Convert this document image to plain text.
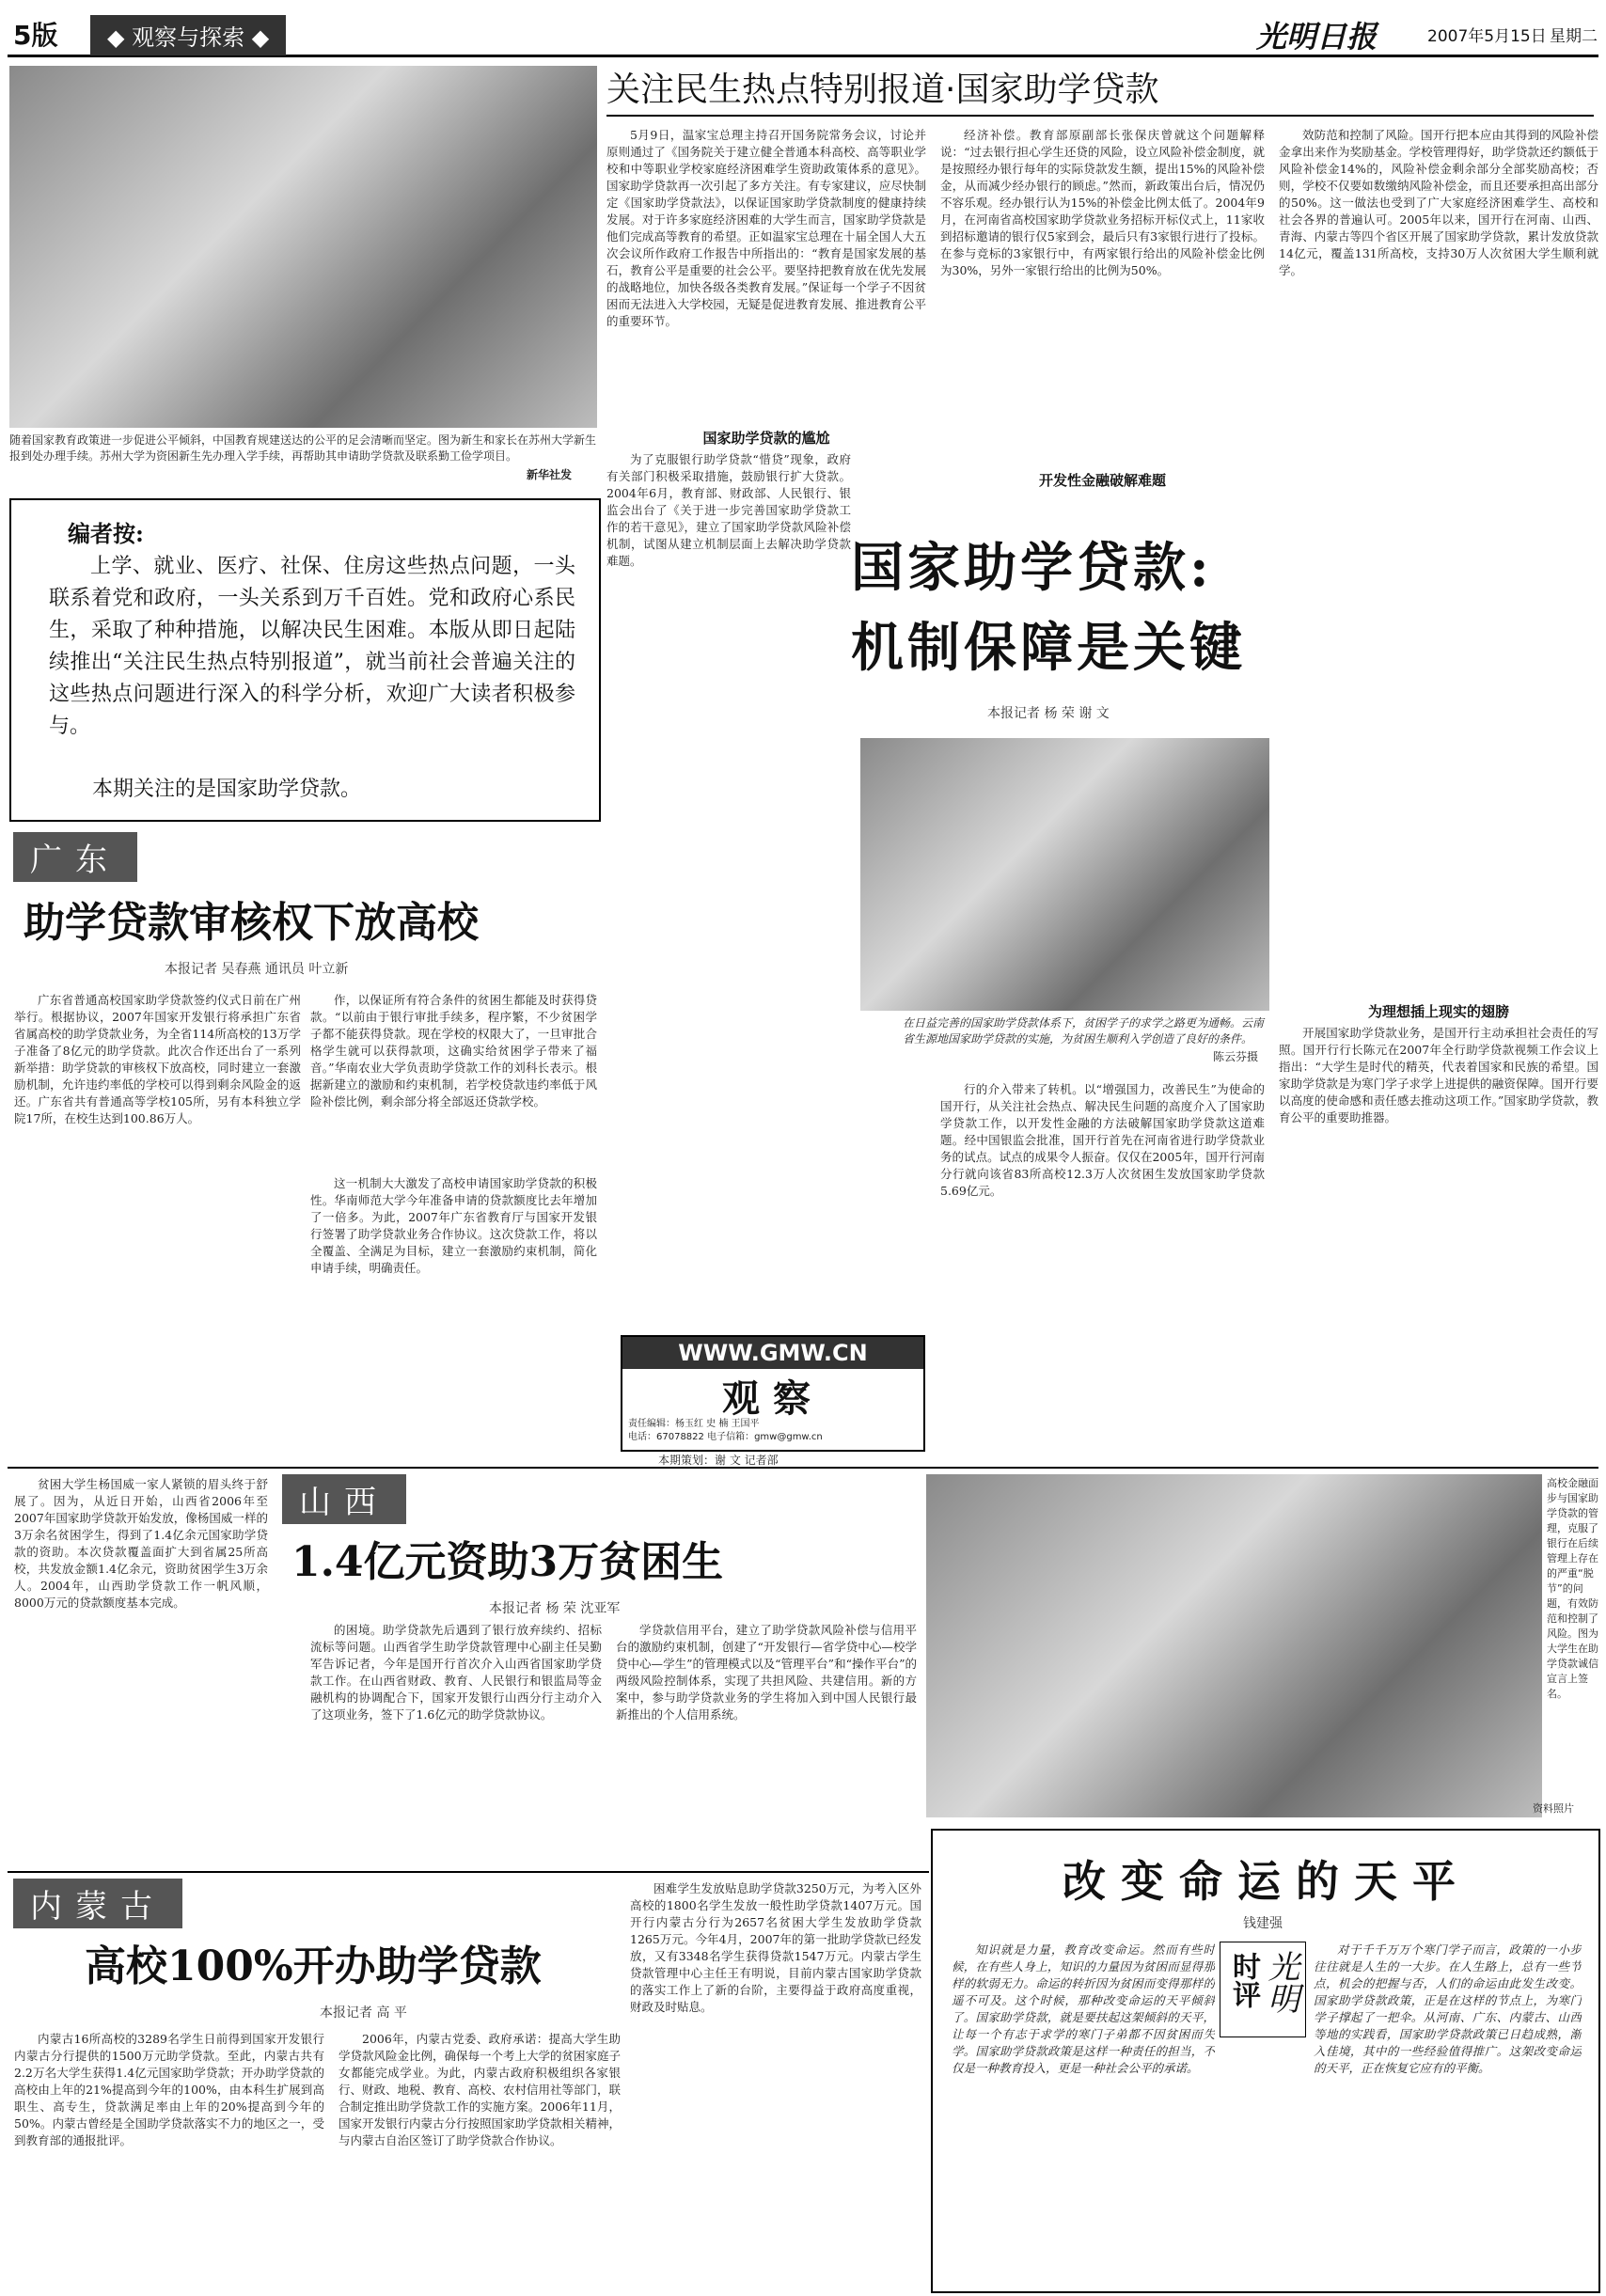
5版	◆ 观察与探索 ◆	光明日报	2007年5月15日 星期二
随着国家教育政策进一步促进公平倾斜，中国教育规建送达的公平的足会清晰而坚定。图为新生和家长在苏州大学新生报到处办理手续。苏州大学为资困新生先办理入学手续，再帮助其申请助学贷款及联系勤工俭学项目。
新华社发
关注民生热点特别报道·国家助学贷款
编者按:
上学、就业、医疗、社保、住房这些热点问题，一头联系着党和政府，一头关系到万千百姓。党和政府心系民生，采取了种种措施，以解决民生困难。本版从即日起陆续推出“关注民生热点特别报道”，就当前社会普遍关注的这些热点问题进行深入的科学分析，欢迎广大读者积极参与。
本期关注的是国家助学贷款。
5月9日，温家宝总理主持召开国务院常务会议，讨论并原则通过了《国务院关于建立健全普通本科高校、高等职业学校和中等职业学校家庭经济困难学生资助政策体系的意见》。国家助学贷款再一次引起了多方关注。有专家建议，应尽快制定《国家助学贷款法》，以保证国家助学贷款制度的健康持续发展。对于许多家庭经济困难的大学生而言，国家助学贷款是他们完成高等教育的希望。正如温家宝总理在十届全国人大五次会议所作政府工作报告中所指出的：“教育是国家发展的基石，教育公平是重要的社会公平。要坚持把教育放在优先发展的战略地位，加快各级各类教育发展。”保证每一个学子不因贫困而无法进入大学校园，无疑是促进教育发展、推进教育公平的重要环节。
经济补偿。教育部原副部长张保庆曾就这个问题解释说：“过去银行担心学生还贷的风险，设立风险补偿金制度，就是按照经办银行每年的实际贷款发生额，提出15%的风险补偿金，从而减少经办银行的顾虑。”然而，新政策出台后，情况仍不容乐观。经办银行认为15%的补偿金比例太低了。2004年9月，在河南省高校国家助学贷款业务招标开标仪式上，11家收到招标邀请的银行仅5家到会，最后只有3家银行进行了投标。在参与竞标的3家银行中，有两家银行给出的风险补偿金比例为30%，另外一家银行给出的比例为50%。
效防范和控制了风险。国开行把本应由其得到的风险补偿金拿出来作为奖励基金。学校管理得好，助学贷款还约额低于风险补偿金14%的，风险补偿金剩余部分全部奖励高校；否则，学校不仅要如数缴纳风险补偿金，而且还要承担高出部分的50%。这一做法也受到了广大家庭经济困难学生、高校和社会各界的普遍认可。2005年以来，国开行在河南、山西、青海、内蒙古等四个省区开展了国家助学贷款，累计发放贷款14亿元，覆盖131所高校，支持30万人次贫困大学生顺利就学。
国家助学贷款的尴尬
为了克服银行助学贷款“惜贷”现象，政府有关部门积极采取措施，鼓励银行扩大贷款。2004年6月，教育部、财政部、人民银行、银监会出台了《关于进一步完善国家助学贷款工作的若干意见》，建立了国家助学贷款风险补偿机制，试图从建立机制层面上去解决助学贷款难题。
开发性金融破解难题
国家助学贷款:
机制保障是关键
本报记者 杨 荣 谢 文
在日益完善的国家助学贷款体系下，贫困学子的求学之路更为通畅。云南省生源地国家助学贷款的实施，为贫困生顺利入学创造了良好的条件。
陈云芬摄
为理想插上现实的翅膀
行的介入带来了转机。以“增强国力，改善民生”为使命的国开行，从关注社会热点、解决民生问题的高度介入了国家助学贷款工作，以开发性金融的方法破解国家助学贷款这道难题。经中国银监会批准，国开行首先在河南省进行助学贷款业务的试点。试点的成果令人振奋。仅仅在2005年，国开行河南分行就向该省83所高校12.3万人次贫困生发放国家助学贷款5.69亿元。
开展国家助学贷款业务，是国开行主动承担社会责任的写照。国开行行长陈元在2007年全行助学贷款视频工作会议上指出：“大学生是时代的精英，代表着国家和民族的希望。国家助学贷款是为寒门学子求学上进提供的融资保障。国开行要以高度的使命感和责任感去推动这项工作。”国家助学贷款，教育公平的重要助推器。
WWW.GMW.CN
观察
责任编辑：杨玉红 史 楠 王国平
电话：67078822 电子信箱：gmw@gmw.cn
本期策划：谢 文 记者部
广东
助学贷款审核权下放高校
本报记者 吴春燕 通讯员 叶立新
广东省普通高校国家助学贷款签约仪式日前在广州举行。根据协议，2007年国家开发银行将承担广东省省属高校的助学贷款业务，为全省114所高校的13万学子准备了8亿元的助学贷款。此次合作还出台了一系列新举措：助学贷款的审核权下放高校，同时建立一套激励机制，允许违约率低的学校可以得到剩余风险金的返还。广东省共有普通高等学校105所，另有本科独立学院17所，在校生达到100.86万人。
作，以保证所有符合条件的贫困生都能及时获得贷款。“以前由于银行审批手续多，程序繁，不少贫困学子都不能获得贷款。现在学校的权限大了，一旦审批合格学生就可以获得款项，这确实给贫困学子带来了福音。”华南农业大学负责助学贷款工作的刘科长表示。根据新建立的激励和约束机制，若学校贷款违约率低于风险补偿比例，剩余部分将全部返还贷款学校。
这一机制大大激发了高校申请国家助学贷款的积极性。华南师范大学今年准备申请的贷款额度比去年增加了一倍多。为此，2007年广东省教育厅与国家开发银行签署了助学贷款业务合作协议。这次贷款工作，将以全覆盖、全满足为目标，建立一套激励约束机制，简化申请手续，明确责任。
贫困大学生杨国威一家人紧锁的眉头终于舒展了。因为，从近日开始，山西省2006年至2007年国家助学贷款开始发放，像杨国威一样的3万余名贫困学生，得到了1.4亿余元国家助学贷款的资助。本次贷款覆盖面扩大到省属25所高校，共发放金额1.4亿余元，资助贫困学生3万余人。2004年，山西助学贷款工作一帆风顺，8000万元的贷款额度基本完成。
山西
1.4亿元资助3万贫困生
本报记者 杨 荣 沈亚军
的困境。助学贷款先后遇到了银行放弃续约、招标流标等问题。山西省学生助学贷款管理中心副主任吴勤军告诉记者，今年是国开行首次介入山西省国家助学贷款工作。在山西省财政、教育、人民银行和银监局等金融机构的协调配合下，国家开发银行山西分行主动介入了这项业务，签下了1.6亿元的助学贷款协议。
学贷款信用平台，建立了助学贷款风险补偿与信用平台的激励约束机制，创建了“开发银行—省学贷中心—校学贷中心—学生”的管理模式以及“管理平台”和“操作平台”的两级风险控制体系，实现了共担风险、共建信用。新的方案中，参与助学贷款业务的学生将加入到中国人民银行最新推出的个人信用系统。
高校金融面步与国家助学贷款的管理，克服了银行在后续管理上存在的严重“脱节”的问题，有效防范和控制了风险。图为大学生在助学贷款诚信宣言上签名。
资料照片
内蒙古
高校100%开办助学贷款
本报记者 高 平
内蒙古16所高校的3289名学生日前得到国家开发银行内蒙古分行提供的1500万元助学贷款。至此，内蒙古共有2.2万名大学生获得1.4亿元国家助学贷款；开办助学贷款的高校由上年的21%提高到今年的100%，由本科生扩展到高职生、高专生，贷款满足率由上年的20%提高到今年的50%。内蒙古曾经是全国助学贷款落实不力的地区之一，受到教育部的通报批评。
2006年，内蒙古党委、政府承诺：提高大学生助学贷款风险金比例，确保每一个考上大学的贫困家庭子女都能完成学业。为此，内蒙古政府积极组织各家银行、财政、地税、教育、高校、农村信用社等部门，联合制定推出助学贷款工作的实施方案。2006年11月，国家开发银行内蒙古分行按照国家助学贷款相关精神，与内蒙古自治区签订了助学贷款合作协议。
困难学生发放贴息助学贷款3250万元，为考入区外高校的1800名学生发放一般性助学贷款1407万元。国开行内蒙古分行为2657名贫困大学生发放助学贷款1265万元。今年4月，2007年的第一批助学贷款已经发放，又有3348名学生获得贷款1547万元。内蒙古学生贷款管理中心主任王有明说，目前内蒙古国家助学贷款的落实工作上了新的台阶，主要得益于政府高度重视，财政及时贴息。
改变命运的天平
钱建强
知识就是力量，教育改变命运。然而有些时候，在有些人身上，知识的力量因为贫困而显得那样的软弱无力。命运的转折因为贫困而变得那样的遥不可及。这个时候，那种改变命运的天平倾斜了。国家助学贷款，就是要扶起这架倾斜的天平，让每一个有志于求学的寒门子弟都不因贫困而失学。国家助学贷款政策是这样一种责任的担当，不仅是一种教育投入，更是一种社会公平的承诺。
光明
时评
对于千千万万个寒门学子而言，政策的一小步往往就是人生的一大步。在人生路上，总有一些节点，机会的把握与否，人们的命运由此发生改变。国家助学贷款政策，正是在这样的节点上，为寒门学子撑起了一把伞。从河南、广东、内蒙古、山西等地的实践看，国家助学贷款政策已日趋成熟，渐入佳境，其中的一些经验值得推广。这架改变命运的天平，正在恢复它应有的平衡。
